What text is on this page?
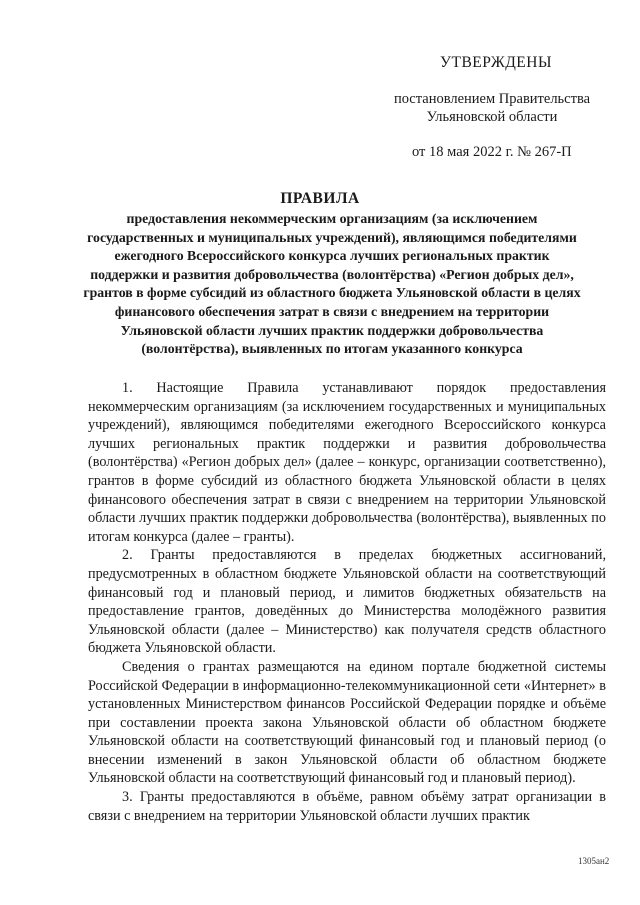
УТВЕРЖДЕНЫ
постановлением Правительства
Ульяновской области
от 18 мая 2022 г. № 267-П
ПРАВИЛА
предоставления некоммерческим организациям (за исключением государственных и муниципальных учреждений), являющимся победителями ежегодного Всероссийского конкурса лучших региональных практик поддержки и развития добровольчества (волонтёрства) «Регион добрых дел», грантов в форме субсидий из областного бюджета Ульяновской области в целях финансового обеспечения затрат в связи с внедрением на территории Ульяновской области лучших практик поддержки добровольчества (волонтёрства), выявленных по итогам указанного конкурса

1. Настоящие Правила устанавливают порядок предоставления некоммерческим организациям (за исключением государственных и муниципальных учреждений), являющимся победителями ежегодного Всероссийского конкурса лучших региональных практик поддержки и развития добровольчества (волонтёрства) «Регион добрых дел» (далее – конкурс, организации соответственно), грантов в форме субсидий из областного бюджета Ульяновской области в целях финансового обеспечения затрат в связи с внедрением на территории Ульяновской области лучших практик поддержки добровольчества (волонтёрства), выявленных по итогам конкурса (далее – гранты).

2. Гранты предоставляются в пределах бюджетных ассигнований, предусмотренных в областном бюджете Ульяновской области на соответствующий финансовый год и плановый период, и лимитов бюджетных обязательств на предоставление грантов, доведённых до Министерства молодёжного развития Ульяновской области (далее – Министерство) как получателя средств областного бюджета Ульяновской области.

Сведения о грантах размещаются на едином портале бюджетной системы Российской Федерации в информационно-телекоммуникационной сети «Интернет» в установленных Министерством финансов Российской Федерации порядке и объёме при составлении проекта закона Ульяновской области об областном бюджете Ульяновской области на соответствующий финансовый год и плановый период (о внесении изменений в закон Ульяновской области об областном бюджете Ульяновской области на соответствующий финансовый год и плановый период).

3. Гранты предоставляются в объёме, равном объёму затрат организации в связи с внедрением на территории Ульяновской области лучших практик

1305ан2
